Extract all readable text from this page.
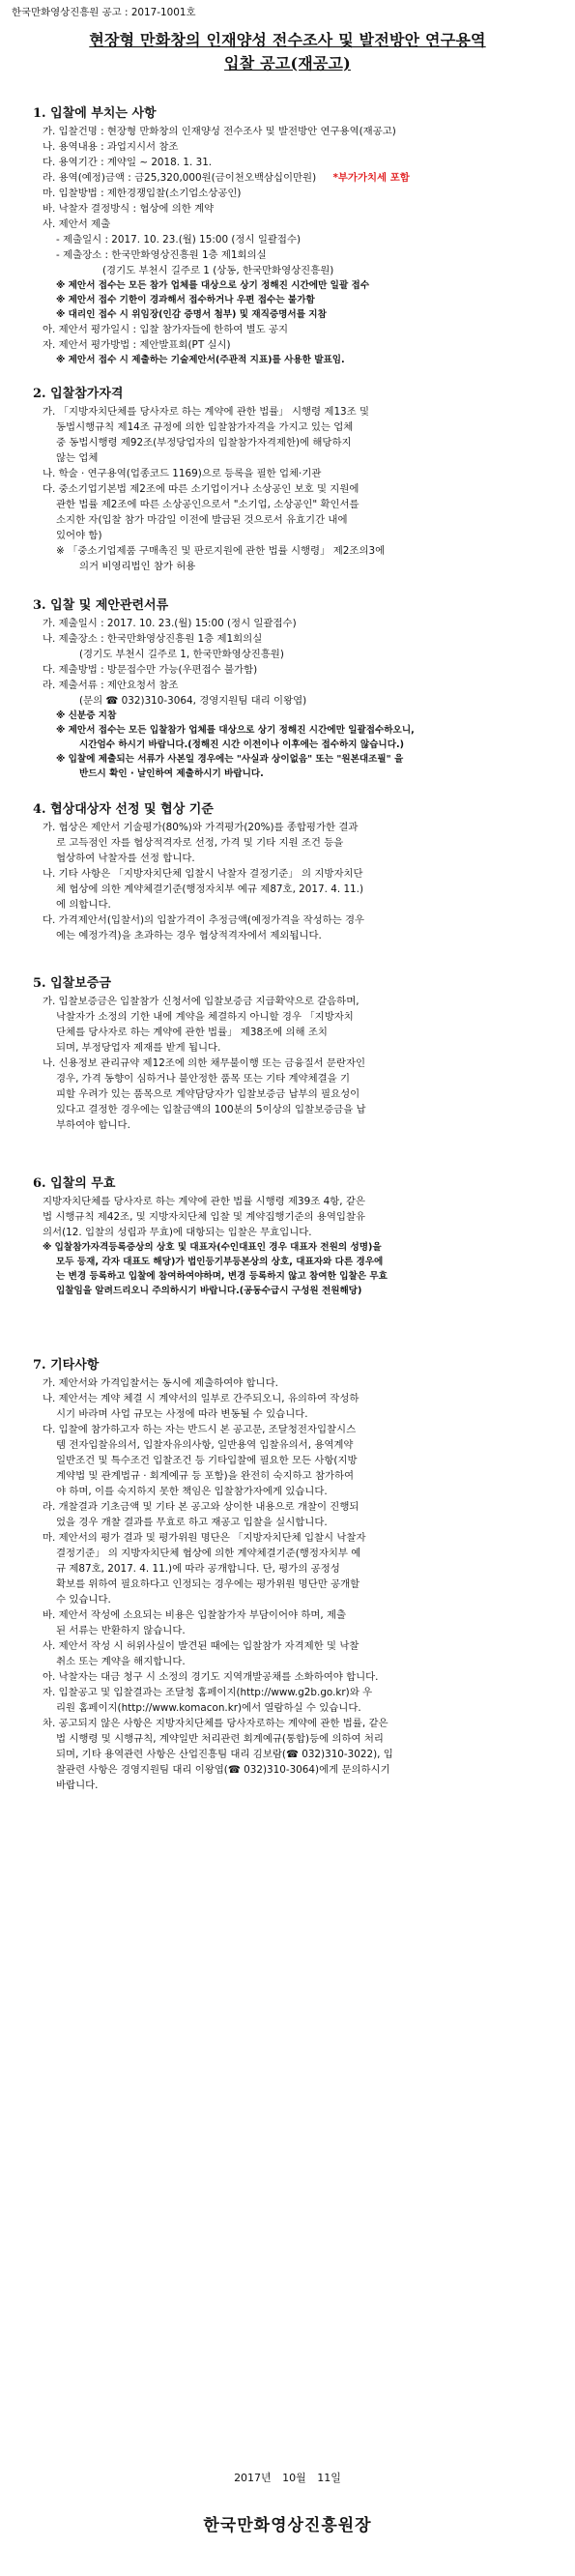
한국만화영상진흥원 공고 : 2017-1001호
현장형 만화창의 인재양성 전수조사 및 발전방안 연구용역
입찰 공고(재공고)
1. 입찰에 부치는 사항
가. 입찰건명 : 현장형 만화창의 인재양성 전수조사 및 발전방안 연구용역(재공고)
나. 용역내용 : 과업지시서 참조
다. 용역기간 : 계약일 ~ 2018. 1. 31.
라. 용역(예정)금액 : 금25,320,000원(금이천오백삼십이만원) *부가가치세 포함
마. 입찰방법 : 제한경쟁입찰(소기업소상공인)
바. 낙찰자 결정방식 : 협상에 의한 계약
사. 제안서 제출
- 제출일시 : 2017. 10. 23.(월) 15:00 (정시 일괄접수)
- 제출장소 : 한국만화영상진흥원 1층 제1회의실
(경기도 부천시 길주로 1 (상동, 한국만화영상진흥원)
※ 제안서 접수는 모든 참가 업체를 대상으로 상기 정해진 시간에만 일괄 접수
※ 제안서 접수 기한이 경과해서 접수하거나 우편 접수는 불가함
※ 대리인 접수 시 위임장(인감 증명서 첨부) 및 재직증명서를 지참
아. 제안서 평가일시 : 입찰 참가자들에 한하여 별도 공지
자. 제안서 평가방법 : 제안발표회(PT 실시)
※ 제안서 접수 시 제출하는 기술제안서(주관적 지표)를 사용한 발표임.
2. 입찰참가자격
가. 「지방자치단체를 당사자로 하는 계약에 관한 법률」 시행령 제13조 및
동법시행규칙 제14조 규정에 의한 입찰참가자격을 가지고 있는 업체
중 동법시행령 제92조(부정당업자의 입찰참가자격제한)에 해당하지
않는 업체
나. 학술 · 연구용역(업종코드 1169)으로 등록을 필한 업체·기관
다. 중소기업기본법 제2조에 따른 소기업이거나 소상공인 보호 및 지원에
관한 법률 제2조에 따른 소상공인으로서 "소기업, 소상공인" 확인서를
소지한 자(입찰 참가 마감일 이전에 발급된 것으로서 유효기간 내에
있어야 함)
※ 「중소기업제품 구매촉진 및 판로지원에 관한 법률 시행령」 제2조의3에
의거 비영리법인 참가 허용
3. 입찰 및 제안관련서류
가. 제출일시 : 2017. 10. 23.(월) 15:00 (정시 일괄접수)
나. 제출장소 : 한국만화영상진흥원 1층 제1회의실
(경기도 부천시 길주로 1, 한국만화영상진흥원)
다. 제출방법 : 방문접수만 가능(우편접수 불가함)
라. 제출서류 : 제안요청서 참조
(문의 ☎ 032)310-3064, 경영지원팀 대리 이왕엽)
※ 신분증 지참
※ 제안서 접수는 모든 입찰참가 업체를 대상으로 상기 정해진 시간에만 일괄접수하오니,
시간엄수 하시기 바랍니다.(정해진 시간 이전이나 이후에는 접수하지 않습니다.)
※ 입찰에 제출되는 서류가 사본일 경우에는 "사실과 상이없음" 또는 "원본대조필" 을
반드시 확인 · 날인하여 제출하시기 바랍니다.
4. 협상대상자 선정 및 협상 기준
가. 협상은 제안서 기술평가(80%)와 가격평가(20%)를 종합평가한 결과
로 고득점인 자를 협상적격자로 선정, 가격 및 기타 지원 조건 등을
협상하여 낙찰자를 선정 합니다.
나. 기타 사항은 「지방자치단체 입찰시 낙찰자 결정기준」 의 지방자치단
체 협상에 의한 계약체결기준(행정자치부 예규 제87호, 2017. 4. 11.)
에 의합니다.
다. 가격제안서(입찰서)의 입찰가격이 추정금액(예정가격을 작성하는 경우
에는 예정가격)을 초과하는 경우 협상적격자에서 제외됩니다.
5. 입찰보증금
가. 입찰보증금은 입찰참가 신청서에 입찰보증금 지급확약으로 갈음하며,
낙찰자가 소정의 기한 내에 계약을 체결하지 아니할 경우 「지방자치
단체를 당사자로 하는 계약에 관한 법률」 제38조에 의해 조치
되며, 부정당업자 제재를 받게 됩니다.
나. 신용정보 관리규약 제12조에 의한 채무불이행 또는 금융질서 문란자인
경우, 가격 동향이 심하거나 불안정한 품목 또는 기타 계약체결을 기
피할 우려가 있는 품목으로 계약담당자가 입찰보증금 납부의 필요성이
있다고 결정한 경우에는 입찰금액의 100분의 5이상의 입찰보증금을 납
부하여야 합니다.
6. 입찰의 무효
지방자치단체를 당사자로 하는 계약에 관한 법률 시행령 제39조 4항, 같은
법 시행규칙 제42조, 및 지방자치단체 입찰 및 계약집행기준의 용역입찰유
의서(12. 입찰의 성립과 무효)에 대항되는 입찰은 무효입니다.
※ 입찰참가자격등록증상의 상호 및 대표자(수인대표인 경우 대표자 전원의 성명)을
모두 등재, 각자 대표도 해당)가 법인등기부등본상의 상호, 대표자와 다른 경우에
는 변경 등록하고 입찰에 참여하여야하며, 변경 등록하지 않고 참여한 입찰은 무효
입찰임을 알려드리오니 주의하시기 바랍니다.(공동수급시 구성원 전원해당)
7. 기타사항
가. 제안서와 가격입찰서는 동시에 제출하여야 합니다.
나. 제안서는 계약 체결 시 계약서의 일부로 간주되오니, 유의하여 작성하
시기 바라며 사업 규모는 사정에 따라 변동될 수 있습니다.
다. 입찰에 참가하고자 하는 자는 반드시 본 공고문, 조달청전자입찰시스
템 전자입찰유의서, 입찰자유의사항, 일반용역 입찰유의서, 용역계약
일반조건 및 특수조건 입찰조건 등 기타입찰에 필요한 모든 사항(지방
계약법 및 관계법규 · 회계예규 등 포함)을 완전히 숙지하고 참가하여
야 하며, 이를 숙지하지 못한 책임은 입찰참가자에게 있습니다.
라. 개찰결과 기초금액 및 기타 본 공고와 상이한 내용으로 개찰이 진행되
었을 경우 개찰 결과를 무효로 하고 재공고 입찰을 실시합니다.
마. 제안서의 평가 결과 및 평가위원 명단은 「지방자치단체 입찰시 낙찰자
결정기준」 의 지방자치단체 협상에 의한 계약체결기준(행정자치부 예
규 제87호, 2017. 4. 11.)에 따라 공개합니다. 단, 평가의 공정성
확보를 위하여 필요하다고 인정되는 경우에는 평가위원 명단만 공개할
수 있습니다.
바. 제안서 작성에 소요되는 비용은 입찰참가자 부담이어야 하며, 제출
된 서류는 반환하지 않습니다.
사. 제안서 작성 시 허위사실이 발견된 때에는 입찰참가 자격제한 및 낙찰
취소 또는 계약을 해지합니다.
아. 낙찰자는 대금 청구 시 소정의 경기도 지역개발공채를 소화하여야 합니다.
자. 입찰공고 및 입찰결과는 조달청 홈페이지(http://www.g2b.go.kr)와 우
리원 홈페이지(http://www.komacon.kr)에서 열람하실 수 있습니다.
차. 공고되지 않은 사항은 지방자치단체를 당사자로하는 계약에 관한 법률, 같은
법 시행령 및 시행규칙, 계약일반 처리관련 회계예규(통합)등에 의하여 처리
되며, 기타 용역관련 사항은 산업진흥팀 대리 김보람(☎ 032)310-3022), 입
찰관련 사항은 경영지원팀 대리 이왕엽(☎ 032)310-3064)에게 문의하시기
바랍니다.
2017년 10월 11일
한국만화영상진흥원장
